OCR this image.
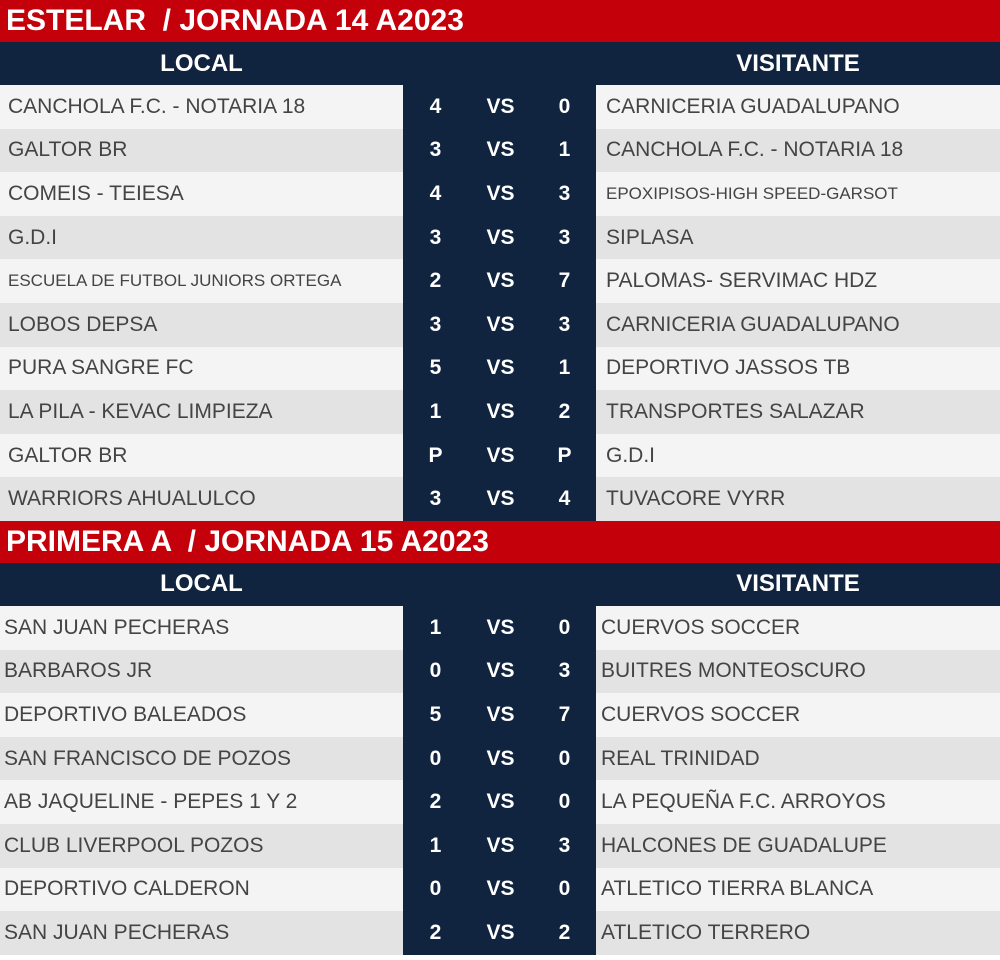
ESTELAR  / JORNADA 14 A2023
LOCAL	VISITANTE
CANCHOLA F.C. - NOTARIA 18	4	VS	0	CARNICERIA GUADALUPANO
GALTOR BR	3	VS	1	CANCHOLA F.C. - NOTARIA 18
COMEIS - TEIESA	4	VS	3	EPOXIPISOS-HIGH SPEED-GARSOT
G.D.I	3	VS	3	SIPLASA
ESCUELA DE FUTBOL JUNIORS ORTEGA	2	VS	7	PALOMAS- SERVIMAC HDZ
LOBOS DEPSA	3	VS	3	CARNICERIA GUADALUPANO
PURA SANGRE FC	5	VS	1	DEPORTIVO JASSOS TB
LA PILA - KEVAC LIMPIEZA	1	VS	2	TRANSPORTES SALAZAR
GALTOR BR	P	VS	P	G.D.I
WARRIORS AHUALULCO	3	VS	4	TUVACORE VYRR
PRIMERA A  / JORNADA 15 A2023
LOCAL	VISITANTE
SAN JUAN PECHERAS	1	VS	0	CUERVOS SOCCER
BARBAROS JR	0	VS	3	BUITRES MONTEOSCURO
DEPORTIVO BALEADOS	5	VS	7	CUERVOS SOCCER
SAN FRANCISCO DE POZOS	0	VS	0	REAL TRINIDAD
AB JAQUELINE - PEPES 1 Y 2	2	VS	0	LA PEQUEÑA F.C. ARROYOS
CLUB LIVERPOOL POZOS	1	VS	3	HALCONES DE GUADALUPE
DEPORTIVO CALDERON	0	VS	0	ATLETICO TIERRA BLANCA
SAN JUAN PECHERAS	2	VS	2	ATLETICO TERRERO
